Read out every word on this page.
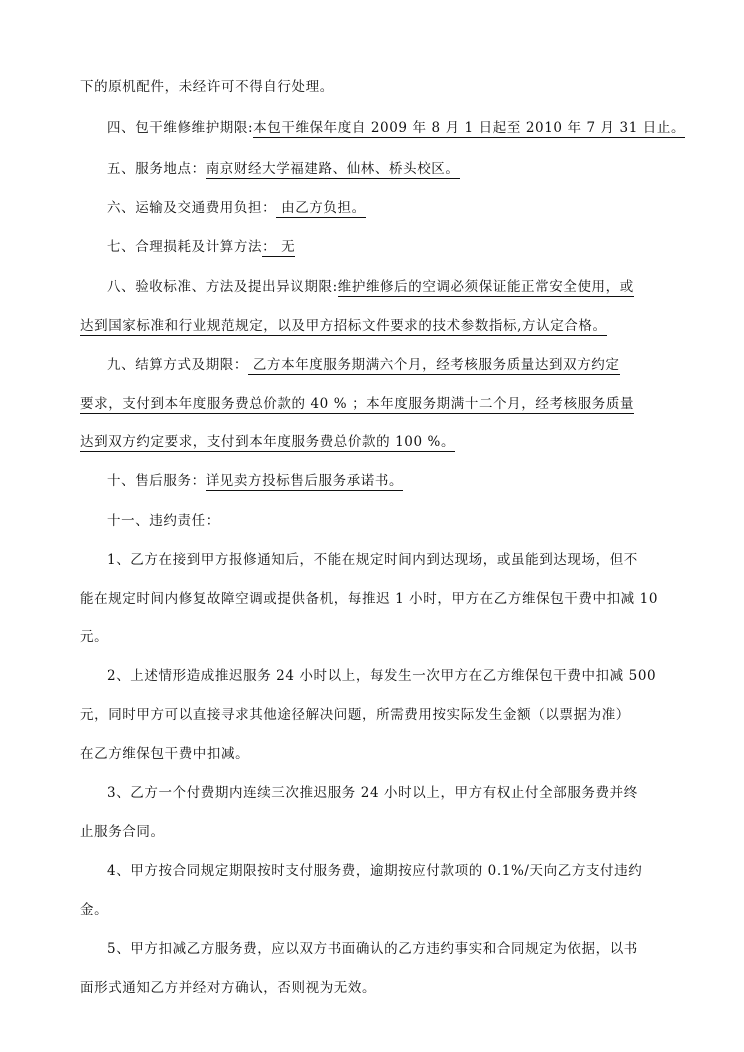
下的原机配件，未经许可不得自行处理。
四、包干维修维护期限:本包干维保年度自 2009 年 8 月 1 日起至 2010 年 7 月 31 日止。
五、服务地点：南京财经大学福建路、仙林、桥头校区。
六、运输及交通费用负担： 由乙方负担。
七、合理损耗及计算方法： 无
八、验收标准、方法及提出异议期限:维护维修后的空调必须保证能正常安全使用，或
达到国家标准和行业规范规定，以及甲方招标文件要求的技术参数指标,方认定合格。
九、结算方式及期限： 乙方本年度服务期满六个月，经考核服务质量达到双方约定
要求，支付到本年度服务费总价款的 40 % ；本年度服务期满十二个月，经考核服务质量
达到双方约定要求，支付到本年度服务费总价款的 100 %。
十、售后服务：详见卖方投标售后服务承诺书。
十一、违约责任：
1、乙方在接到甲方报修通知后，不能在规定时间内到达现场，或虽能到达现场，但不
能在规定时间内修复故障空调或提供备机，每推迟 1 小时，甲方在乙方维保包干费中扣减 10
元。
2、上述情形造成推迟服务 24 小时以上，每发生一次甲方在乙方维保包干费中扣减 500
元，同时甲方可以直接寻求其他途径解决问题，所需费用按实际发生金额（以票据为准）
在乙方维保包干费中扣减。
3、乙方一个付费期内连续三次推迟服务 24 小时以上，甲方有权止付全部服务费并终
止服务合同。
4、甲方按合同规定期限按时支付服务费，逾期按应付款项的 0.1%/天向乙方支付违约
金。
5、甲方扣减乙方服务费，应以双方书面确认的乙方违约事实和合同规定为依据，以书
面形式通知乙方并经对方确认，否则视为无效。
